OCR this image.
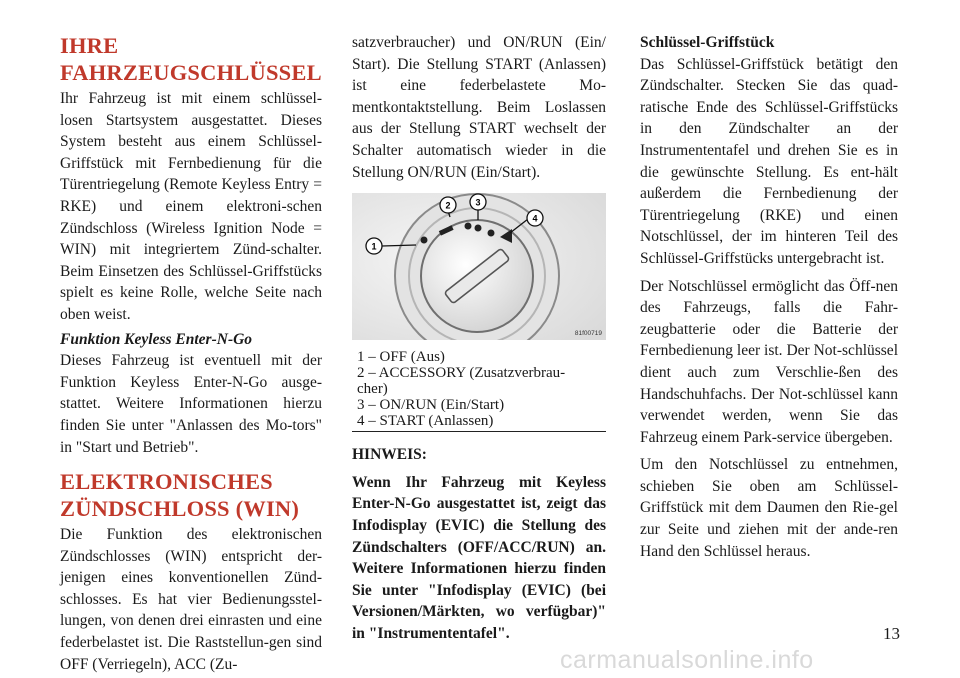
IHRE
FAHRZEUGSCHLÜSSEL

Ihr Fahrzeug ist mit einem schlüssel-losen Startsystem ausgestattet. Dieses System besteht aus einem Schlüssel-Griffstück mit Fernbedienung für die Türentriegelung (Remote Keyless Entry = RKE) und einem elektroni-schen Zündschloss (Wireless Ignition Node = WIN) mit integriertem Zünd-schalter. Beim Einsetzen des Schlüssel-Griffstücks spielt es keine Rolle, welche Seite nach oben weist.

Funktion Keyless Enter-N-Go

Dieses Fahrzeug ist eventuell mit der Funktion Keyless Enter-N-Go ausge-stattet. Weitere Informationen hierzu finden Sie unter "Anlassen des Mo-tors" in "Start und Betrieb".

ELEKTRONISCHES
ZÜNDSCHLOSS (WIN)

Die Funktion des elektronischen Zündschlosses (WIN) entspricht der-jenigen eines konventionellen Zünd-schlosses. Es hat vier Bedienungsstel-lungen, von denen drei einrasten und eine federbelastet ist. Die Raststellun-gen sind OFF (Verriegeln), ACC (Zu-

satzverbraucher) und ON/RUN (Ein/ Start). Die Stellung START (Anlassen) ist eine federbelastete Mo-mentkontaktstellung. Beim Loslassen aus der Stellung START wechselt der Schalter automatisch wieder in die Stellung ON/RUN (Ein/Start).

1
2	3
4
81f00719
1 – OFF (Aus)
2 – ACCESSORY (Zusatzverbrau-
cher)
3 – ON/RUN (Ein/Start)
4 – START (Anlassen)

HINWEIS:

Wenn Ihr Fahrzeug mit Keyless Enter-N-Go ausgestattet ist, zeigt das Infodisplay (EVIC) die Stellung des Zündschalters (OFF/ACC/RUN) an. Weitere Informationen hierzu finden Sie unter "Infodisplay (EVIC) (bei Versionen/Märkten, wo verfügbar)" in "Instrumententafel".

Schlüssel-Griffstück

Das Schlüssel-Griffstück betätigt den Zündschalter. Stecken Sie das quad-ratische Ende des Schlüssel-Griffstücks in den Zündschalter an der Instrumententafel und drehen Sie es in die gewünschte Stellung. Es ent-hält außerdem die Fernbedienung der Türentriegelung (RKE) und einen Notschlüssel, der im hinteren Teil des Schlüssel-Griffstücks untergebracht ist.

Der Notschlüssel ermöglicht das Öff-nen des Fahrzeugs, falls die Fahr-zeugbatterie oder die Batterie der Fernbedienung leer ist. Der Not-schlüssel dient auch zum Verschlie-ßen des Handschuhfachs. Der Not-schlüssel kann verwendet werden, wenn Sie das Fahrzeug einem Park-service übergeben.

Um den Notschlüssel zu entnehmen, schieben Sie oben am Schlüssel-Griffstück mit dem Daumen den Rie-gel zur Seite und ziehen mit der ande-ren Hand den Schlüssel heraus.

13
carmanualsonline.info
